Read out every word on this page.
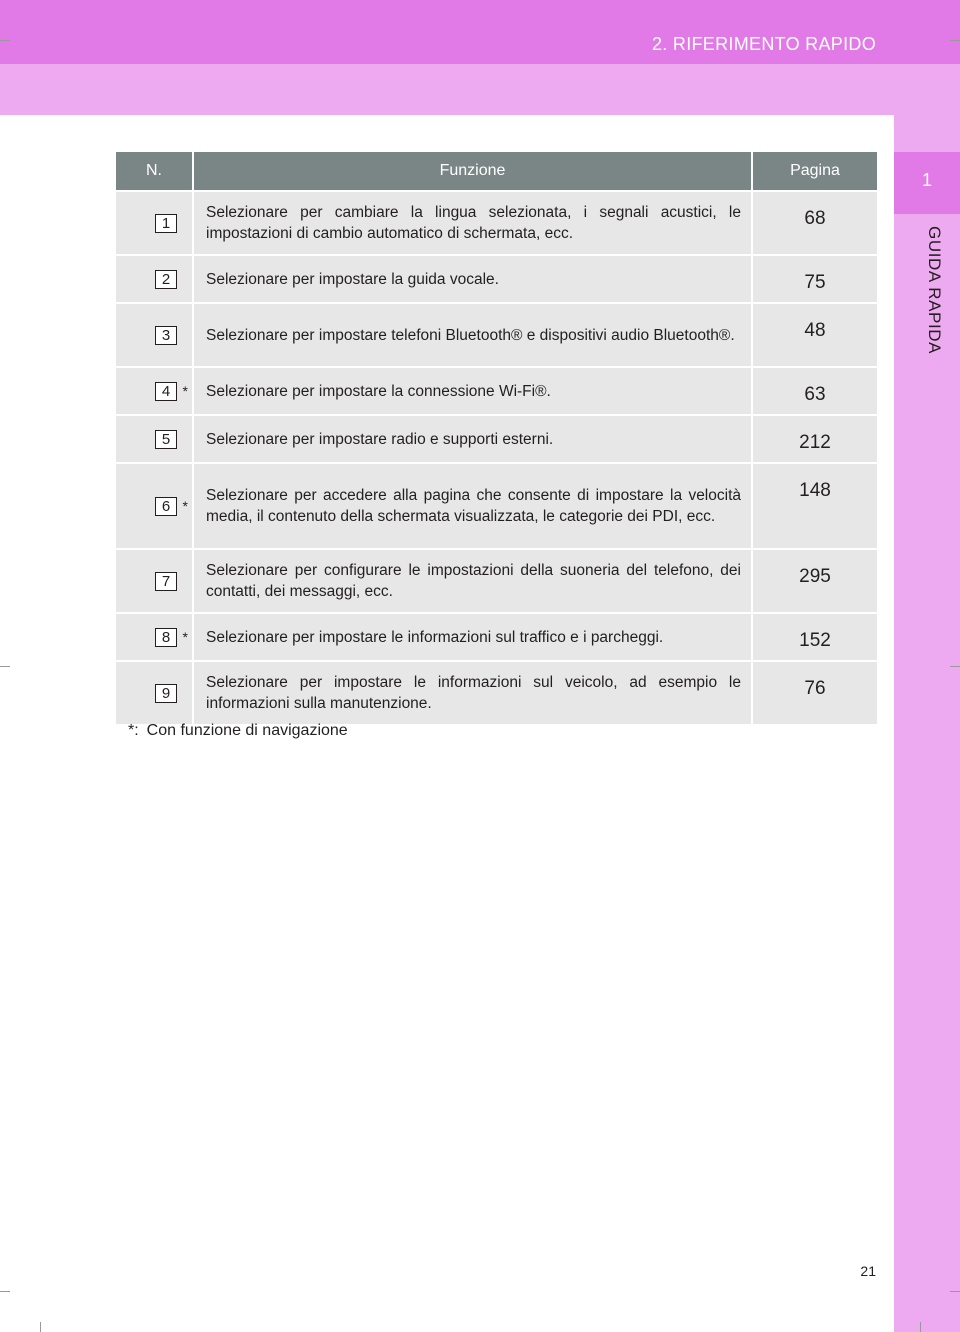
2. RIFERIMENTO RAPIDO
1
GUIDA RAPIDA
N.	Funzione	Pagina

1	Selezionare per cambiare la lingua selezionata, i segnali acustici, le impostazioni di cambio automatico di schermata, ecc.	68

2	Selezionare per impostare la guida vocale.	75

3	Selezionare per impostare telefoni Bluetooth® e dispositivi audio Bluetooth®.	48

4 *	Selezionare per impostare la connessione Wi-Fi®.	63

5	Selezionare per impostare radio e supporti esterni.	212

6 *	Selezionare per accedere alla pagina che consente di impostare la velocità media, il contenuto della schermata visualizzata, le categorie dei PDI, ecc.	148

7	Selezionare per configurare le impostazioni della suoneria del telefono, dei contatti, dei messaggi, ecc.	295

8 *	Selezionare per impostare le informazioni sul traffico e i parcheggi.	152

9	Selezionare per impostare le informazioni sul veicolo, ad esempio le informazioni sulla manutenzione.	76
*: Con funzione di navigazione
21
